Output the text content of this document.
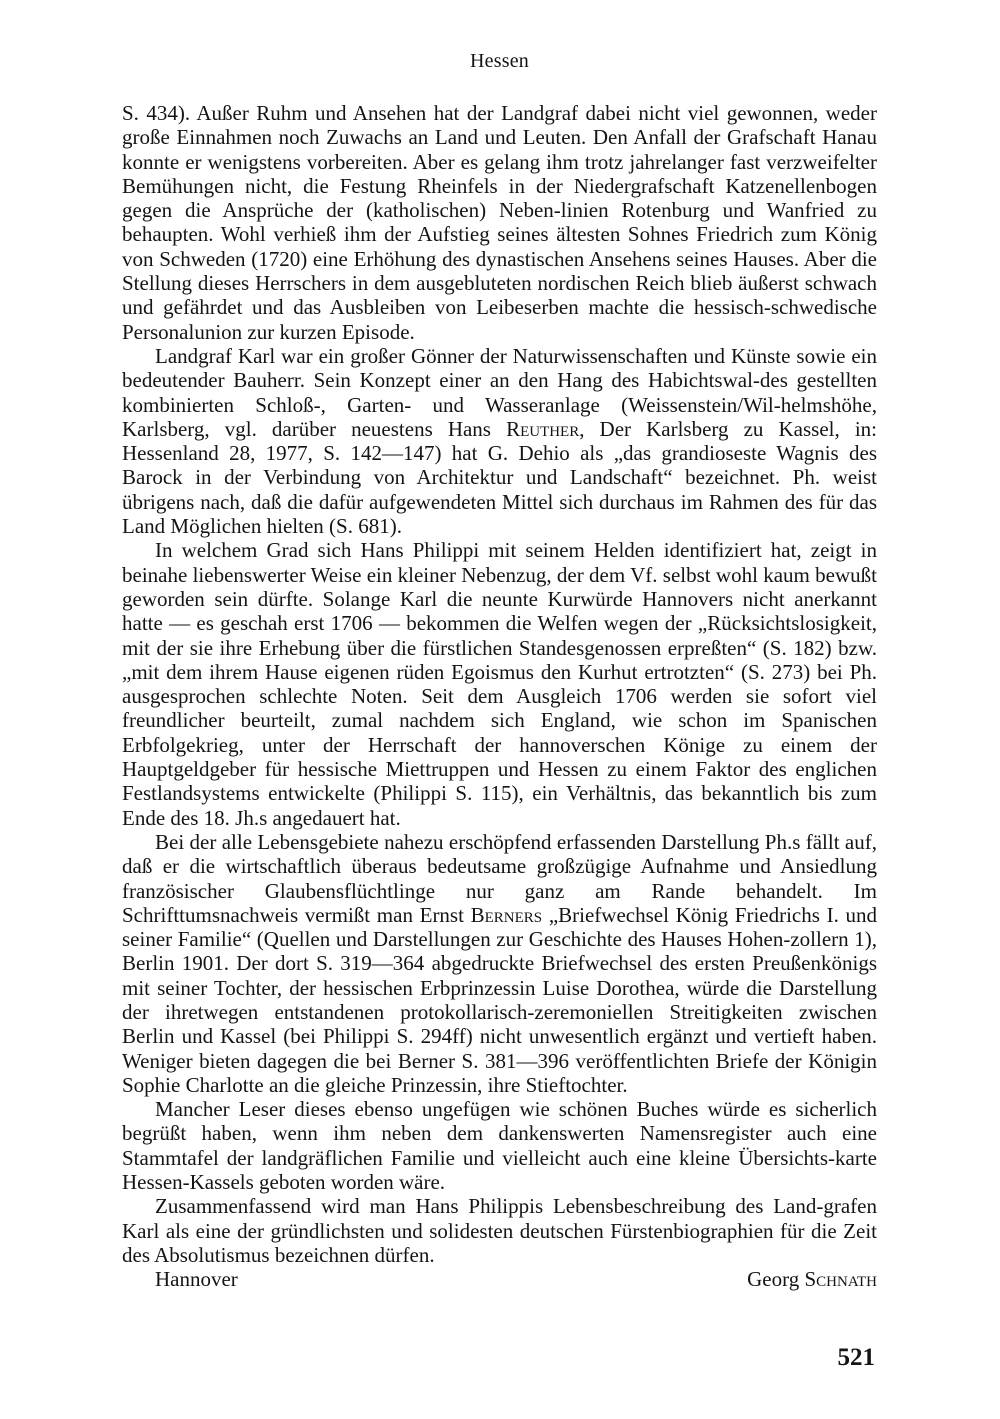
Hessen

S. 434). Außer Ruhm und Ansehen hat der Landgraf dabei nicht viel gewonnen, weder große Einnahmen noch Zuwachs an Land und Leuten. Den Anfall der Grafschaft Hanau konnte er wenigstens vorbereiten. Aber es gelang ihm trotz jahrelanger fast verzweifelter Bemühungen nicht, die Festung Rheinfels in der Niedergrafschaft Katzenellenbogen gegen die Ansprüche der (katholischen) Neben-linien Rotenburg und Wanfried zu behaupten. Wohl verhieß ihm der Aufstieg seines ältesten Sohnes Friedrich zum König von Schweden (1720) eine Erhöhung des dynastischen Ansehens seines Hauses. Aber die Stellung dieses Herrschers in dem ausgebluteten nordischen Reich blieb äußerst schwach und gefährdet und das Ausbleiben von Leibeserben machte die hessisch-schwedische Personalunion zur kurzen Episode.

Landgraf Karl war ein großer Gönner der Naturwissenschaften und Künste sowie ein bedeutender Bauherr. Sein Konzept einer an den Hang des Habichtswal-des gestellten kombinierten Schloß-, Garten- und Wasseranlage (Weissenstein/Wil-helmshöhe, Karlsberg, vgl. darüber neuestens Hans Reuther, Der Karlsberg zu Kassel, in: Hessenland 28, 1977, S. 142—147) hat G. Dehio als „das grandioseste Wagnis des Barock in der Verbindung von Architektur und Landschaft“ bezeichnet. Ph. weist übrigens nach, daß die dafür aufgewendeten Mittel sich durchaus im Rahmen des für das Land Möglichen hielten (S. 681).

In welchem Grad sich Hans Philippi mit seinem Helden identifiziert hat, zeigt in beinahe liebenswerter Weise ein kleiner Nebenzug, der dem Vf. selbst wohl kaum bewußt geworden sein dürfte. Solange Karl die neunte Kurwürde Hannovers nicht anerkannt hatte — es geschah erst 1706 — bekommen die Welfen wegen der „Rücksichtslosigkeit, mit der sie ihre Erhebung über die fürstlichen Standesgenossen erpreßten“ (S. 182) bzw. „mit dem ihrem Hause eigenen rüden Egoismus den Kurhut ertrotzten“ (S. 273) bei Ph. ausgesprochen schlechte Noten. Seit dem Ausgleich 1706 werden sie sofort viel freundlicher beurteilt, zumal nachdem sich England, wie schon im Spanischen Erbfolgekrieg, unter der Herrschaft der hannoverschen Könige zu einem der Hauptgeldgeber für hessische Miettruppen und Hessen zu einem Faktor des englichen Festlandsystems entwickelte (Philippi S. 115), ein Verhältnis, das bekanntlich bis zum Ende des 18. Jh.s angedauert hat.

Bei der alle Lebensgebiete nahezu erschöpfend erfassenden Darstellung Ph.s fällt auf, daß er die wirtschaftlich überaus bedeutsame großzügige Aufnahme und Ansiedlung französischer Glaubensflüchtlinge nur ganz am Rande behandelt. Im Schrifttumsnachweis vermißt man Ernst Berners „Briefwechsel König Friedrichs I. und seiner Familie“ (Quellen und Darstellungen zur Geschichte des Hauses Hohen-zollern 1), Berlin 1901. Der dort S. 319—364 abgedruckte Briefwechsel des ersten Preußenkönigs mit seiner Tochter, der hessischen Erbprinzessin Luise Dorothea, würde die Darstellung der ihretwegen entstandenen protokollarisch-zeremoniellen Streitigkeiten zwischen Berlin und Kassel (bei Philippi S. 294ff) nicht unwesentlich ergänzt und vertieft haben. Weniger bieten dagegen die bei Berner S. 381—396 veröffentlichten Briefe der Königin Sophie Charlotte an die gleiche Prinzessin, ihre Stieftochter.

Mancher Leser dieses ebenso ungefügen wie schönen Buches würde es sicherlich begrüßt haben, wenn ihm neben dem dankenswerten Namensregister auch eine Stammtafel der landgräflichen Familie und vielleicht auch eine kleine Übersichts-karte Hessen-Kassels geboten worden wäre.

Zusammenfassend wird man Hans Philippis Lebensbeschreibung des Land-grafen Karl als eine der gründlichsten und solidesten deutschen Fürstenbiographien für die Zeit des Absolutismus bezeichnen dürfen.

Hannover	Georg Schnath
521
